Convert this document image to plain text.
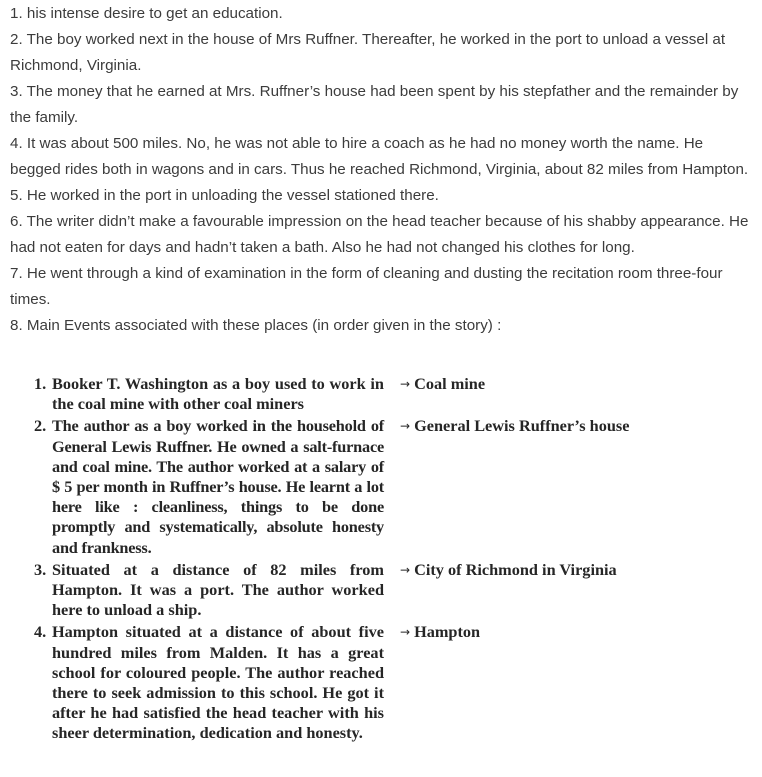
1. his intense desire to get an education.

2. The boy worked next in the house of Mrs Ruffner. Thereafter, he worked in the port to unload a vessel at Richmond, Virginia.

3. The money that he earned at Mrs. Ruffner’s house had been spent by his stepfather and the remainder by the family.

4. It was about 500 miles. No, he was not able to hire a coach as he had no money worth the name. He begged rides both in wagons and in cars. Thus he reached Richmond, Virginia, about 82 miles from Hampton.

5. He worked in the port in unloading the vessel stationed there.

6. The writer didn’t make a favourable impression on the head teacher because of his shabby appearance. He had not eaten for days and hadn’t taken a bath. Also he had not changed his clothes for long.

7. He went through a kind of examination in the form of cleaning and dusting the recitation room three-four times.

8. Main Events associated with these places (in order given in the story) :

1. Booker T. Washington as a boy used to work in the coal mine with other coal miners
→ Coal mine
2. The author as a boy worked in the household of General Lewis Ruffner. He owned a salt-furnace and coal mine. The author worked at a salary of $ 5 per month in Ruffner’s house. He learnt a lot here like : cleanliness, things to be done promptly and systematically, absolute honesty and frankness.
→ General Lewis Ruffner’s house
3. Situated at a distance of 82 miles from Hampton. It was a port. The author worked here to unload a ship.
→ City of Richmond in Virginia
4. Hampton situated at a distance of about five hundred miles from Malden. It has a great school for coloured people. The author reached there to seek admission to this school. He got it after he had satisfied the head teacher with his sheer determination, dedication and honesty.
→ Hampton
